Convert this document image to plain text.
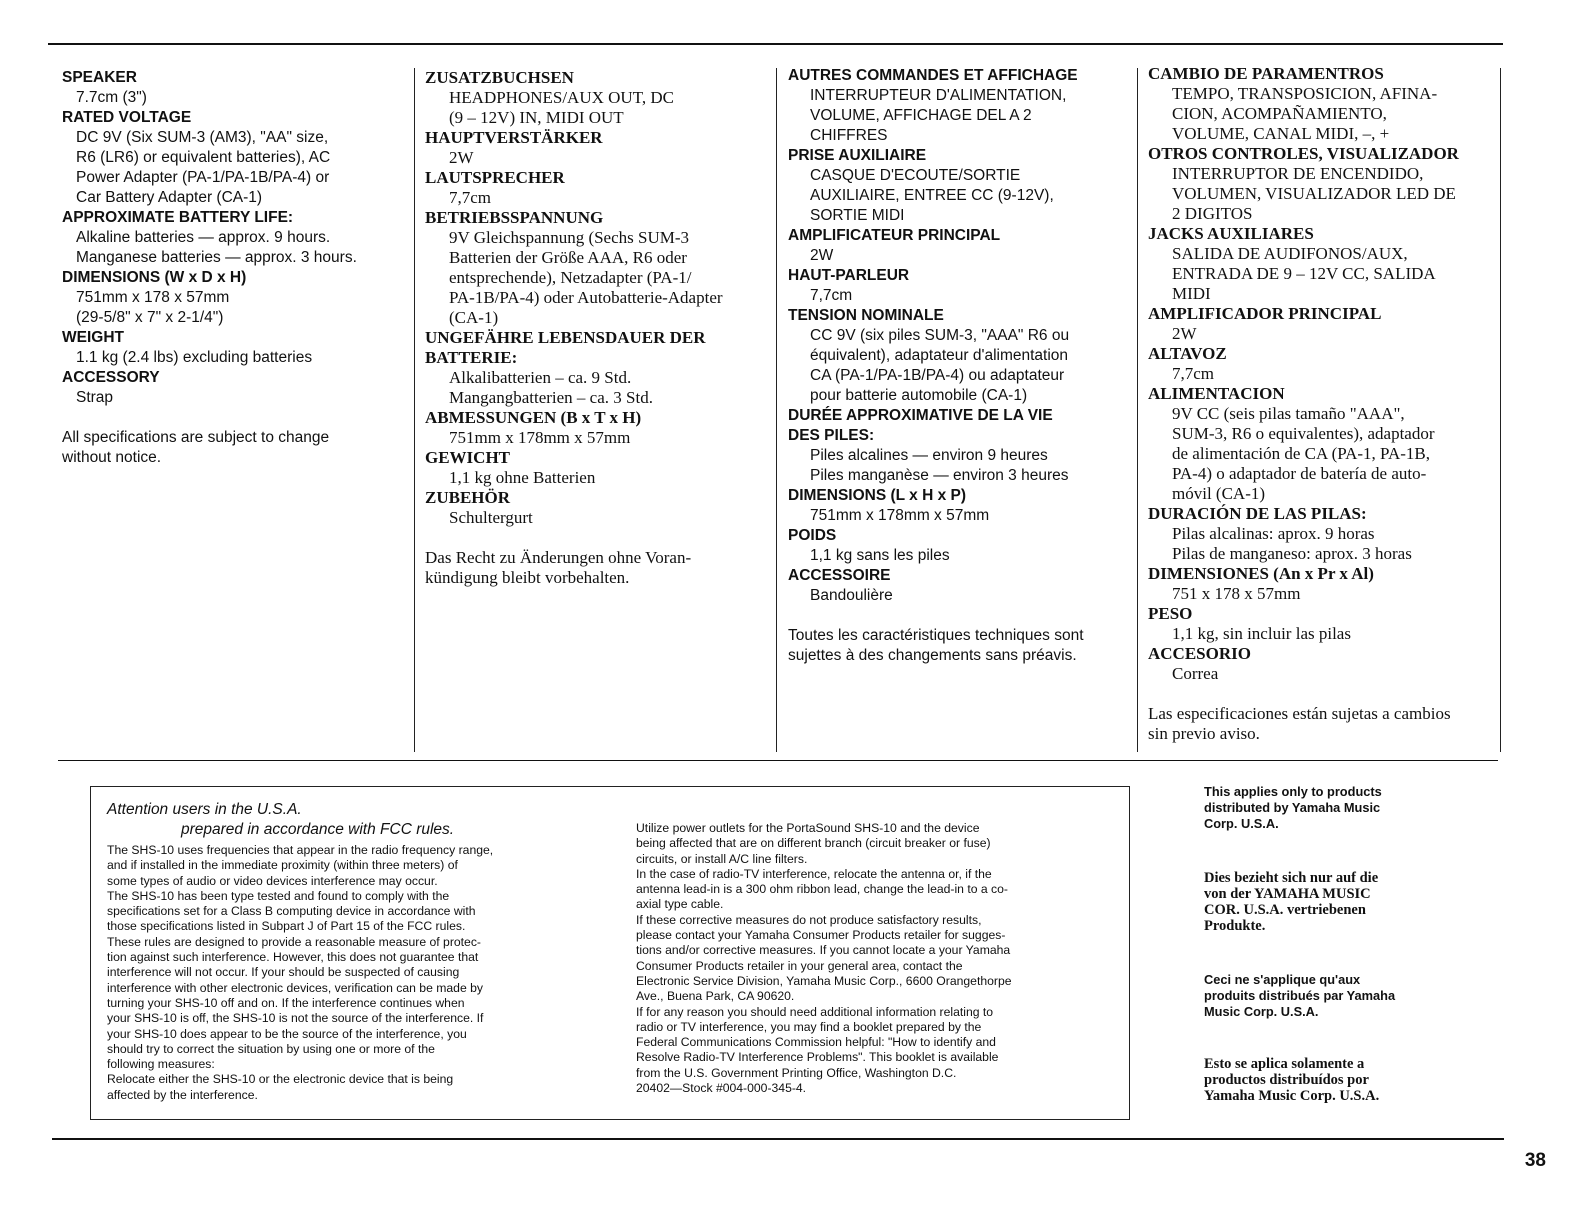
SPEAKER
7.7cm (3")
RATED VOLTAGE
DC 9V (Six SUM-3 (AM3), "AA" size,
R6 (LR6) or equivalent batteries), AC
Power Adapter (PA-1/PA-1B/PA-4) or
Car Battery Adapter (CA-1)
APPROXIMATE BATTERY LIFE:
Alkaline batteries — approx. 9 hours.
Manganese batteries — approx. 3 hours.
DIMENSIONS (W x D x H)
751mm x 178 x 57mm
(29-5/8" x 7" x 2-1/4")
WEIGHT
1.1 kg (2.4 lbs) excluding batteries
ACCESSORY
Strap
All specifications are subject to change
without notice.
ZUSATZBUCHSEN
HEADPHONES/AUX OUT, DC
(9 – 12V) IN, MIDI OUT
HAUPTVERSTÄRKER
2W
LAUTSPRECHER
7,7cm
BETRIEBSSPANNUNG
9V Gleichspannung (Sechs SUM-3
Batterien der Größe AAA, R6 oder
entsprechende), Netzadapter (PA-1/
PA-1B/PA-4) oder Autobatterie-Adapter
(CA-1)
UNGEFÄHRE LEBENSDAUER DER
BATTERIE:
Alkalibatterien – ca. 9 Std.
Mangangbatterien – ca. 3 Std.
ABMESSUNGEN (B x T x H)
751mm x 178mm x 57mm
GEWICHT
1,1 kg ohne Batterien
ZUBEHÖR
Schultergurt
Das Recht zu Änderungen ohne Voran-
kündigung bleibt vorbehalten.
AUTRES COMMANDES ET AFFICHAGE
INTERRUPTEUR D'ALIMENTATION,
VOLUME, AFFICHAGE DEL A 2
CHIFFRES
PRISE AUXILIAIRE
CASQUE D'ECOUTE/SORTIE
AUXILIAIRE, ENTREE CC (9-12V),
SORTIE MIDI
AMPLIFICATEUR PRINCIPAL
2W
HAUT-PARLEUR
7,7cm
TENSION NOMINALE
CC 9V (six piles SUM-3, "AAA" R6 ou
équivalent), adaptateur d'alimentation
CA (PA-1/PA-1B/PA-4) ou adaptateur
pour batterie automobile (CA-1)
DURÉE APPROXIMATIVE DE LA VIE
DES PILES:
Piles alcalines — environ 9 heures
Piles manganèse — environ 3 heures
DIMENSIONS (L x H x P)
751mm x 178mm x 57mm
POIDS
1,1 kg sans les piles
ACCESSOIRE
Bandoulière
Toutes les caractéristiques techniques sont
sujettes à des changements sans préavis.
CAMBIO DE PARAMENTROS
TEMPO, TRANSPOSICION, AFINA-
CION, ACOMPAÑAMIENTO,
VOLUME, CANAL MIDI, –, +
OTROS CONTROLES, VISUALIZADOR
INTERRUPTOR DE ENCENDIDO,
VOLUMEN, VISUALIZADOR LED DE
2 DIGITOS
JACKS AUXILIARES
SALIDA DE AUDIFONOS/AUX,
ENTRADA DE 9 – 12V CC, SALIDA
MIDI
AMPLIFICADOR PRINCIPAL
2W
ALTAVOZ
7,7cm
ALIMENTACION
9V CC (seis pilas tamaño "AAA",
SUM-3, R6 o equivalentes), adaptador
de alimentación de CA (PA-1, PA-1B,
PA-4) o adaptador de batería de auto-
móvil (CA-1)
DURACIÓN DE LAS PILAS:
Pilas alcalinas: aprox. 9 horas
Pilas de manganeso: aprox. 3 horas
DIMENSIONES (An x Pr x Al)
751 x 178 x 57mm
PESO
1,1 kg, sin incluir las pilas
ACCESORIO
Correa
Las especificaciones están sujetas a cambios
sin previo aviso.
Attention users in the U.S.A.
prepared in accordance with FCC rules.
The SHS-10 uses frequencies that appear in the radio frequency range,
and if installed in the immediate proximity (within three meters) of
some types of audio or video devices interference may occur.
The SHS-10 has been type tested and found to comply with the
specifications set for a Class B computing device in accordance with
those specifications listed in Subpart J of Part 15 of the FCC rules.
These rules are designed to provide a reasonable measure of protec-
tion against such interference. However, this does not guarantee that
interference will not occur. If your should be suspected of causing
interference with other electronic devices, verification can be made by
turning your SHS-10 off and on. If the interference continues when
your SHS-10 is off, the SHS-10 is not the source of the interference. If
your SHS-10 does appear to be the source of the interference, you
should try to correct the situation by using one or more of the
following measures:
Relocate either the SHS-10 or the electronic device that is being
affected by the interference.
Utilize power outlets for the PortaSound SHS-10 and the device
being affected that are on different branch (circuit breaker or fuse)
circuits, or install A/C line filters.
In the case of radio-TV interference, relocate the antenna or, if the
antenna lead-in is a 300 ohm ribbon lead, change the lead-in to a co-
axial type cable.
If these corrective measures do not produce satisfactory results,
please contact your Yamaha Consumer Products retailer for sugges-
tions and/or corrective measures. If you cannot locate a your Yamaha
Consumer Products retailer in your general area, contact the
Electronic Service Division, Yamaha Music Corp., 6600 Orangethorpe
Ave., Buena Park, CA 90620.
If for any reason you should need additional information relating to
radio or TV interference, you may find a booklet prepared by the
Federal Communications Commission helpful: "How to identify and
Resolve Radio-TV Interference Problems". This booklet is available
from the U.S. Government Printing Office, Washington D.C.
20402—Stock #004-000-345-4.
This applies only to products
distributed by Yamaha Music
Corp. U.S.A.
Dies bezieht sich nur auf die
von der YAMAHA MUSIC
COR. U.S.A. vertriebenen
Produkte.
Ceci ne s'applique qu'aux
produits distribués par Yamaha
Music Corp. U.S.A.
Esto se aplica solamente a
productos distribuídos por
Yamaha Music Corp. U.S.A.
38
